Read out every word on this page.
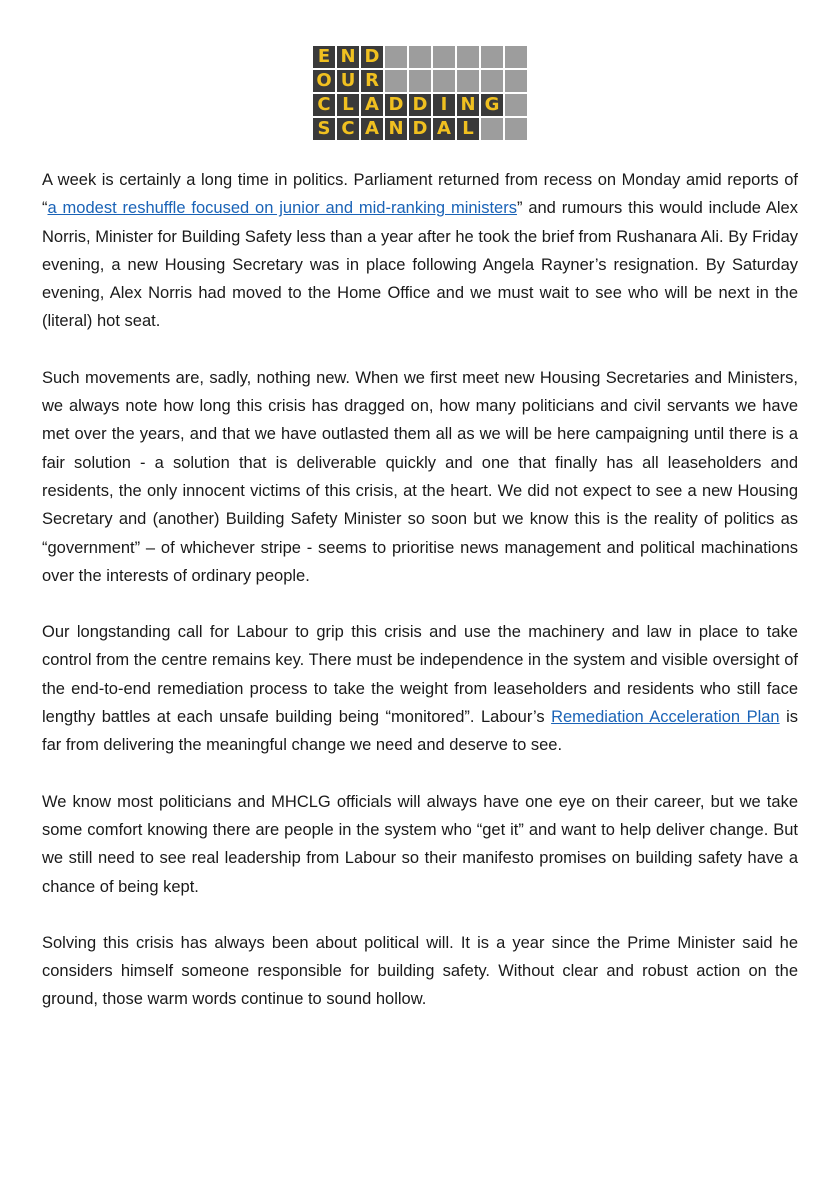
E N D
O U R
C L A D D I N G
S C A N D A L

A week is certainly a long time in politics. Parliament returned from recess on Monday amid reports of “a modest reshuffle focused on junior and mid-ranking ministers” and rumours this would include Alex Norris, Minister for Building Safety less than a year after he took the brief from Rushanara Ali. By Friday evening, a new Housing Secretary was in place following Angela Rayner’s resignation. By Saturday evening, Alex Norris had moved to the Home Office and we must wait to see who will be next in the (literal) hot seat.

Such movements are, sadly, nothing new. When we first meet new Housing Secretaries and Ministers, we always note how long this crisis has dragged on, how many politicians and civil servants we have met over the years, and that we have outlasted them all as we will be here campaigning until there is a fair solution - a solution that is deliverable quickly and one that finally has all leaseholders and residents, the only innocent victims of this crisis, at the heart. We did not expect to see a new Housing Secretary and (another) Building Safety Minister so soon but we know this is the reality of politics as “government” – of whichever stripe - seems to prioritise news management and political machinations over the interests of ordinary people.

Our longstanding call for Labour to grip this crisis and use the machinery and law in place to take control from the centre remains key. There must be independence in the system and visible oversight of the end-to-end remediation process to take the weight from leaseholders and residents who still face lengthy battles at each unsafe building being “monitored”. Labour’s Remediation Acceleration Plan is far from delivering the meaningful change we need and deserve to see.

We know most politicians and MHCLG officials will always have one eye on their career, but we take some comfort knowing there are people in the system who “get it” and want to help deliver change. But we still need to see real leadership from Labour so their manifesto promises on building safety have a chance of being kept.

Solving this crisis has always been about political will. It is a year since the Prime Minister said he considers himself someone responsible for building safety. Without clear and robust action on the ground, those warm words continue to sound hollow.
